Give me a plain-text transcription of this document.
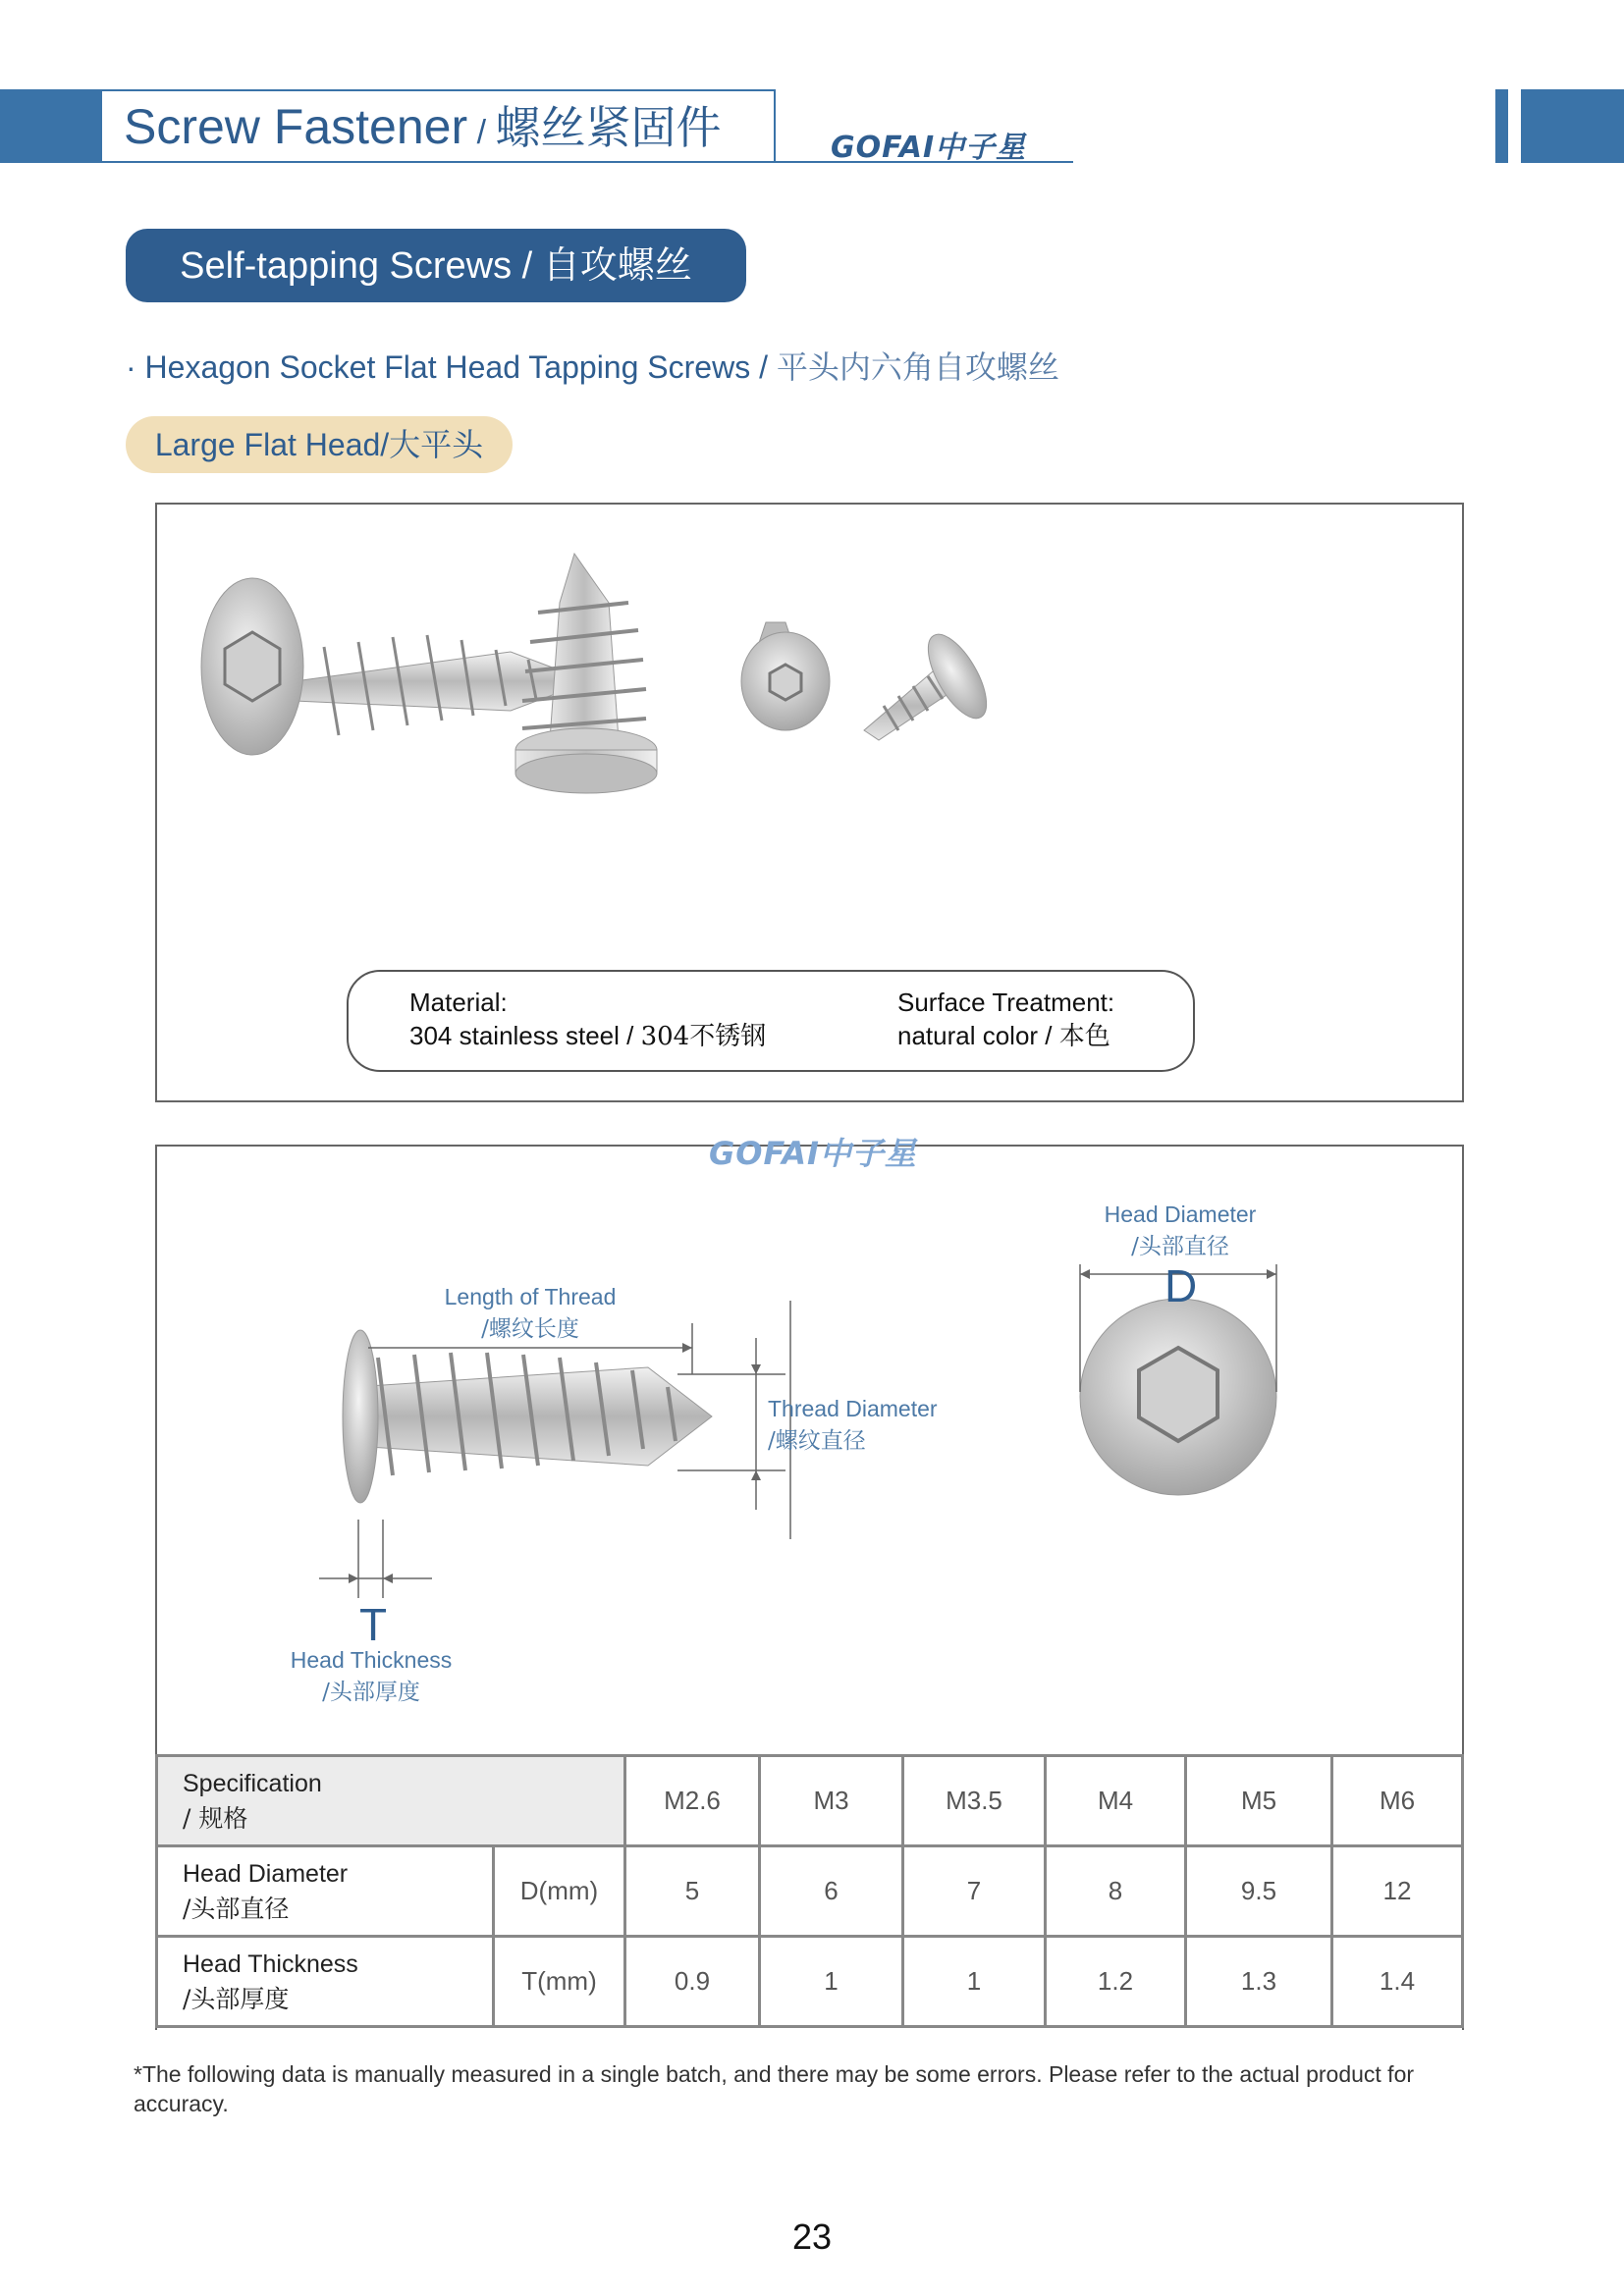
Screw Fastener / 螺丝紧固件	GOFAI中子星
Self-tapping Screws / 自攻螺丝
· Hexagon Socket Flat Head Tapping Screws / 平头内六角自攻螺丝
Large Flat Head/大平头
Material:
304 stainless steel / 304不锈钢
Surface Treatment:
natural color / 本色
GOFAI中子星
Length of Thread
/螺纹长度
Thread Diameter
/螺纹直径
Head Diameter
/头部直径
D
T
Head Thickness
/头部厚度
Specification
/ 规格		M2.6	M3	M3.5	M4	M5	M6

Head Diameter
/头部直径	D(mm)	5	6	7	8	9.5	12

Head Thickness
/头部厚度	T(mm)	0.9	1	1	1.2	1.3	1.4
*The following data is manually measured in a single batch, and there may be some errors. Please refer to the actual product for accuracy.
23
